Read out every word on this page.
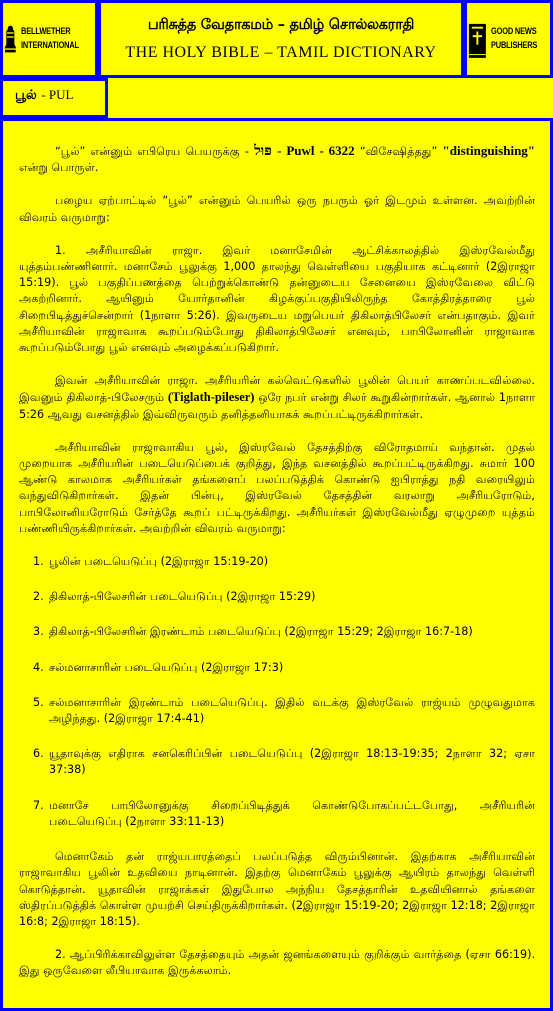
BELLWETHER
INTERNATIONAL
பரிசுத்த வேதாகமம் – தமிழ் சொல்லகராதி
THE HOLY BIBLE – TAMIL DICTIONARY
GOOD NEWS
PUBLISHERS
பூல் - PUL

“பூல்” என்னும் எபிரெய பெயருக்கு - פּוּל - Puwl - 6322 “விசேஷித்தது” "distinguishing" என்று பொருள்.

பழைய ஏற்பாட்டில் “பூல்” என்னும் பெயரில் ஒரு நபரும் ஓர் இடமும் உள்ளன. அவற்றின் விவரம் வருமாறு:

1. அசீரியாவின் ராஜா. இவர் மனாசேமின் ஆட்சிக்காலத்தில் இஸ்ரவேல்மீது யுத்தம்பண்ணினார். மனாசேம் பூலுக்கு 1,000 தாலந்து வெள்ளியை பகுதியாக கட்டினார் (2இராஜா 15:19). பூல் பகுதிப்பணத்தை பெற்றுக்கொண்டு தன்னுடைய சேனையை இஸ்ரவேலை விட்டு அகற்றினார். ஆயினும் யோர்தானின் கிழக்குப்பகுதியிலிருந்த கோத்திரத்தாரை பூல் சிறைபிடித்துச்சென்றார் (1நாளா 5:26). இவருடைய மறுபெயர் திகிலாத்பிலேசர் என்பதாகும். இவர் அசீரியாவின் ராஜாவாக கூறப்படும்போது திகிலாத்பிலேசர் எனவும், பாபிலோனின் ராஜாவாக கூறப்படும்போது பூல் எனவும் அழைக்கப்படுகிறார்.

இவன் அசீரியாவின் ராஜா. அசீரியரின் கல்வெட்டுகளில் பூலின் பெயர் காணப்படவில்லை. இவனும் திகிலாத்-பிலேசரும் (Tiglath-pileser) ஒரே நபர் என்று சிலர் கூறுகின்றார்கள். ஆனால் 1நாளா 5:26 ஆவது வசனத்தில் இவ்விருவரும் தனித்தனியாகக் கூறப்பட்டிருக்கிறார்கள்.

அசீரியாவின் ராஜாவாகிய பூல், இஸ்ரவேல் தேசத்திற்கு விரோதமாய் வந்தான். முதல் முறையாக அசீரியரின் படையெடுப்பைக் குறித்து, இந்த வசனத்தில் கூறப்பட்டிருக்கிறது. சுமார் 100 ஆண்டு காலமாக அசீரியர்கள் தங்களைப் பலப்படுத்திக் கொண்டு ஐபிராத்து நதி வரையிலும் வந்துவிடுகிறார்கள். இதன் பின்பு, இஸ்ரவேல் தேசத்தின் வரலாறு அசீரியரோடும், பாபிலோனியரோடும் சேர்த்தே கூறப் பட்டிருக்கிறது. அசீரியர்கள் இஸ்ரவேல்மீது ஏழுமுறை யுத்தம் பண்ணியிருக்கிறார்கள். அவற்றின் விவரம் வருமாறு:

1. பூலின் படையெடுப்பு (2இராஜா 15:19-20)
2. திகிலாத்-பிலேசரின் படையெடுப்பு (2இராஜா 15:29)
3. திகிலாத்-பிலேசரின் இரண்டாம் படையெடுப்பு (2இராஜா 15:29; 2இராஜா 16:7-18)
4. சல்மனாசாரின் படையெடுப்பு (2இராஜா 17:3)
5. சல்மனாசாரின் இரண்டாம் படையெடுப்பு. இதில் வடக்கு இஸ்ரவேல் ராஜ்யம் முழுவதுமாக அழிந்தது. (2இராஜா 17:4-41)
6. யூதாவுக்கு எதிராக சனகெரிப்பின் படையெடுப்பு (2இராஜா 18:13-19:35; 2நாளா 32; ஏசா 37:38)
7. மனாசே பாபிலோனுக்கு சிறைப்பிடித்துக் கொண்டுபோகப்பட்டபோது, அசீரியரின் படையெடுப்பு (2நாளா 33:11-13)

மெனாகேம் தன் ராஜ்யபாரத்தைப் பலப்படுத்த விரும்பினான். இதற்காக அசீரியாவின் ராஜாவாகிய பூலின் உதவியை நாடினான். இதற்கு மெனாகேம் பூலுக்கு ஆயிரம் தாலந்து வெள்ளி கொடுத்தான். யூதாவின் ராஜாக்கள் இதுபோல அந்நிய தேசத்தாரின் உதவியினால் தங்களை ஸ்திரப்படுத்திக் கொள்ள முயற்சி செய்திருக்கிறார்கள். (2இராஜா 15:19-20; 2இராஜா 12:18; 2இராஜா 16:8; 2இராஜா 18:15).

2. ஆப்பிரிக்காவிலுள்ள தேசத்தையும் அதன் ஜனங்களையும் குறிக்கும் வார்த்தை (ஏசா 66:19). இது ஒருவேளை லீபியாவாக இருக்கலாம்.
